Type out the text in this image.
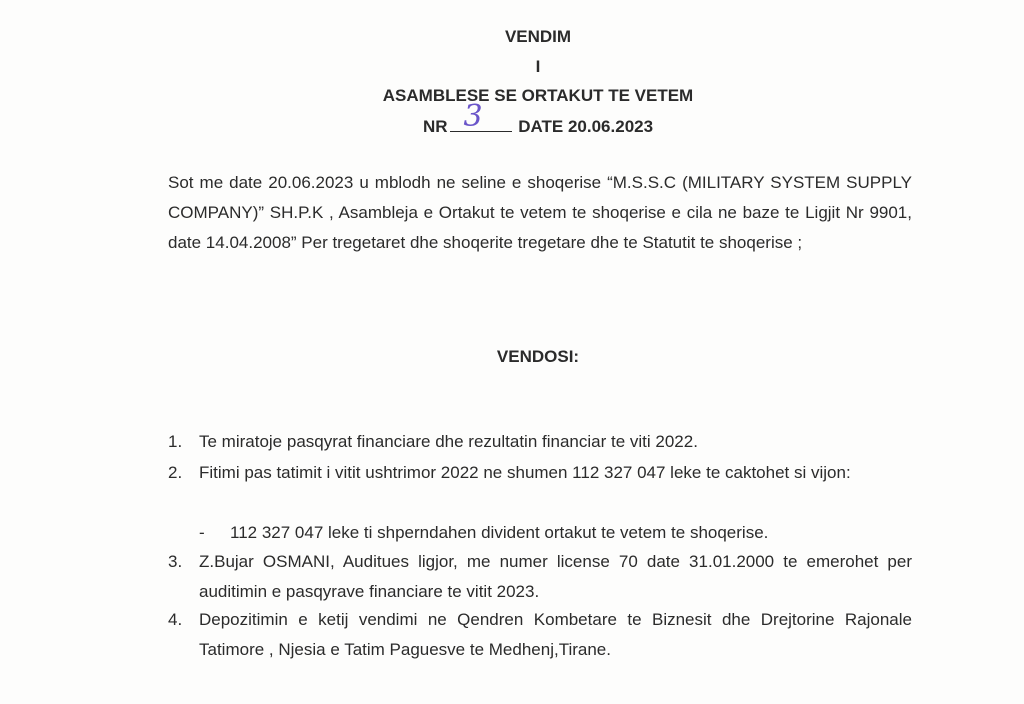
VENDIM
I
ASAMBLESE SE ORTAKUT TE VETEM
NR 3 DATE 20.06.2023

Sot me date 20.06.2023 u mblodh ne seline e shoqerise “M.S.S.C (MILITARY SYSTEM SUPPLY COMPANY)” SH.P.K , Asambleja e Ortakut te vetem te shoqerise e cila ne baze te Ligjit Nr 9901, date 14.04.2008” Per tregetaret dhe shoqerite tregetare dhe te Statutit te shoqerise ;

VENDOSI:
1. Te miratoje pasqyrat financiare dhe rezultatin financiar te viti 2022.
2. Fitimi pas tatimit i vitit ushtrimor 2022 ne shumen 112 327 047 leke te caktohet si vijon:
- 112 327 047 leke ti shperndahen divident ortakut te vetem te shoqerise.
3. Z.Bujar OSMANI, Auditues ligjor, me numer license 70 date 31.01.2000 te emerohet per auditimin e pasqyrave financiare te vitit 2023.
4. Depozitimin e ketij vendimi ne Qendren Kombetare te Biznesit dhe Drejtorine Rajonale Tatimore , Njesia e Tatim Paguesve te Medhenj,Tirane.
